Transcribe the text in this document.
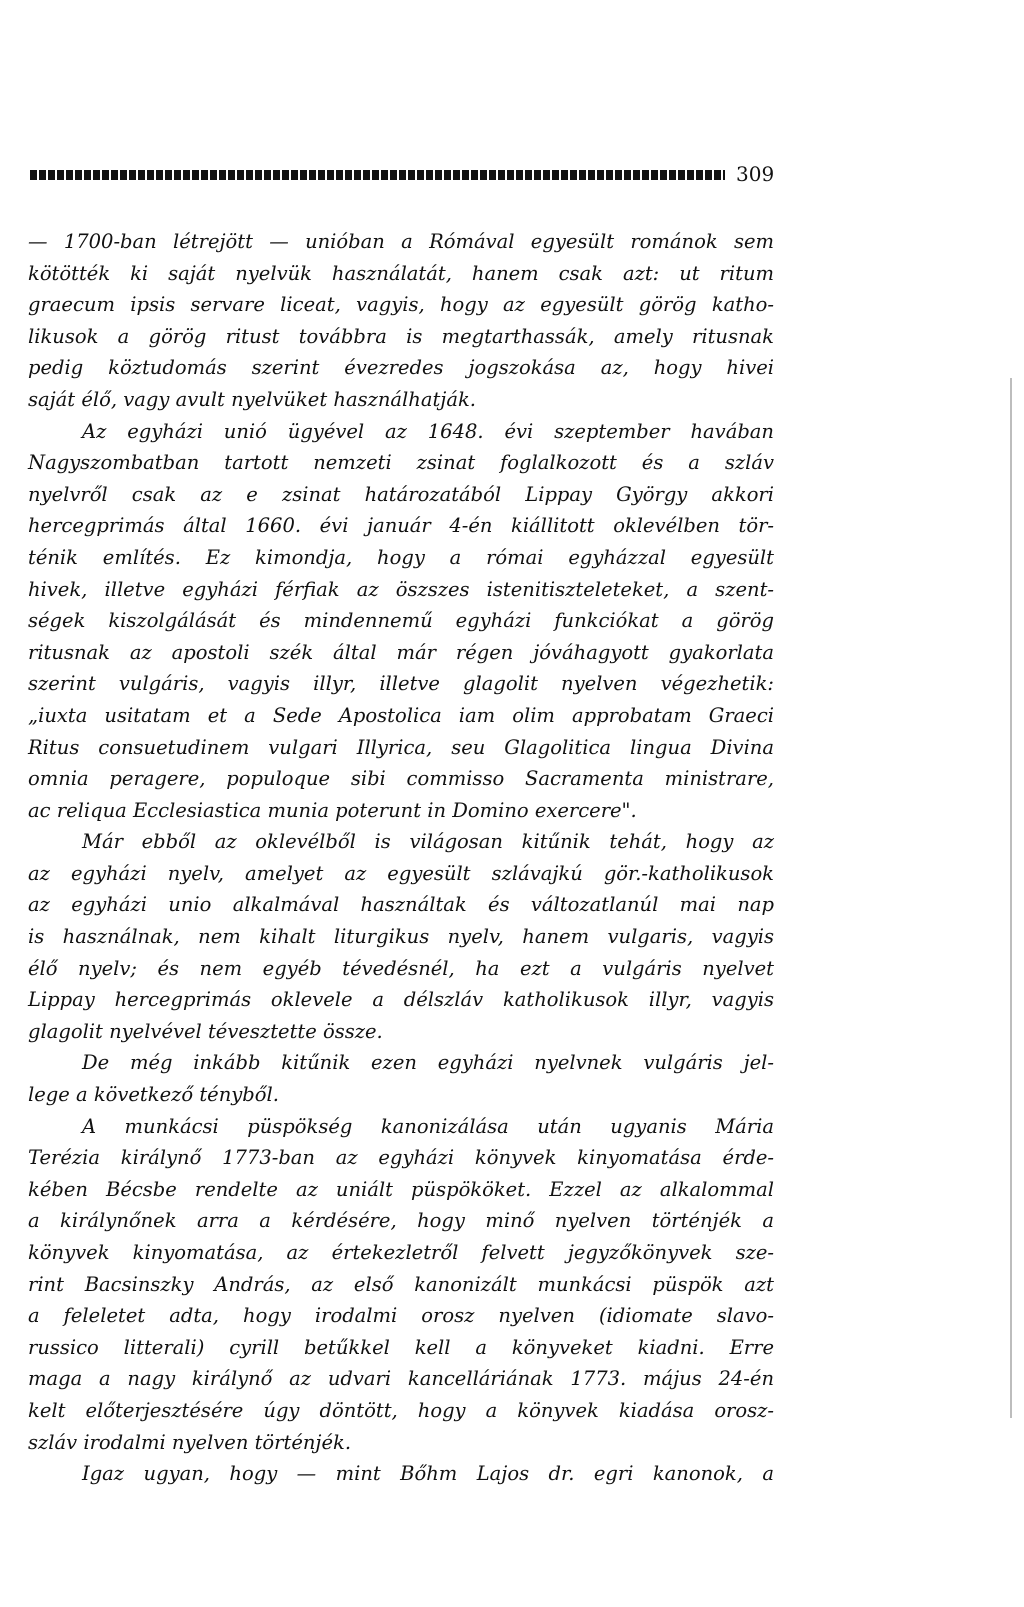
309
— 1700-ban létrejött — unióban a Rómával egyesült románok sem
kötötték ki saját nyelvük használatát, hanem csak azt: ut ritum
graecum ipsis servare liceat, vagyis, hogy az egyesült görög katho-
likusok a görög ritust továbbra is megtarthassák, amely ritusnak
pedig köztudomás szerint évezredes jogszokása az, hogy hivei
saját élő, vagy avult nyelvüket használhatják.
Az egyházi unió ügyével az 1648. évi szeptember havában
Nagyszombatban tartott nemzeti zsinat foglalkozott és a szláv
nyelvről csak az e zsinat határozatából Lippay György akkori
hercegprimás által 1660. évi január 4-én kiállitott oklevélben tör-
ténik említés. Ez kimondja, hogy a római egyházzal egyesült
hivek, illetve egyházi férfiak az öszszes istenitiszteleteket, a szent-
ségek kiszolgálását és mindennemű egyházi funkciókat a görög
ritusnak az apostoli szék által már régen jóváhagyott gyakorlata
szerint vulgáris, vagyis illyr, illetve glagolit nyelven végezhetik:
„iuxta usitatam et a Sede Apostolica iam olim approbatam Graeci
Ritus consuetudinem vulgari Illyrica, seu Glagolitica lingua Divina
omnia peragere, populoque sibi commisso Sacramenta ministrare,
ac reliqua Ecclesiastica munia poterunt in Domino exercere".
Már ebből az oklevélből is világosan kitűnik tehát, hogy az
az egyházi nyelv, amelyet az egyesült szlávajkú gör.-katholikusok
az egyházi unio alkalmával használtak és változatlanúl mai nap
is használnak, nem kihalt liturgikus nyelv, hanem vulgaris, vagyis
élő nyelv; és nem egyéb tévedésnél, ha ezt a vulgáris nyelvet
Lippay hercegprimás oklevele a délszláv katholikusok illyr, vagyis
glagolit nyelvével tévesztette össze.
De még inkább kitűnik ezen egyházi nyelvnek vulgáris jel-
lege a következő tényből.
A munkácsi püspökség kanonizálása után ugyanis Mária
Terézia királynő 1773-ban az egyházi könyvek kinyomatása érde-
kében Bécsbe rendelte az uniált püspököket. Ezzel az alkalommal
a királynőnek arra a kérdésére, hogy minő nyelven történjék a
könyvek kinyomatása, az értekezletről felvett jegyzőkönyvek sze-
rint Bacsinszky András, az első kanonizált munkácsi püspök azt
a feleletet adta, hogy irodalmi orosz nyelven (idiomate slavo-
russico litterali) cyrill betűkkel kell a könyveket kiadni. Erre
maga a nagy királynő az udvari kancelláriának 1773. május 24-én
kelt előterjesztésére úgy döntött, hogy a könyvek kiadása orosz-
szláv irodalmi nyelven történjék.
Igaz ugyan, hogy — mint Bőhm Lajos dr. egri kanonok, a
